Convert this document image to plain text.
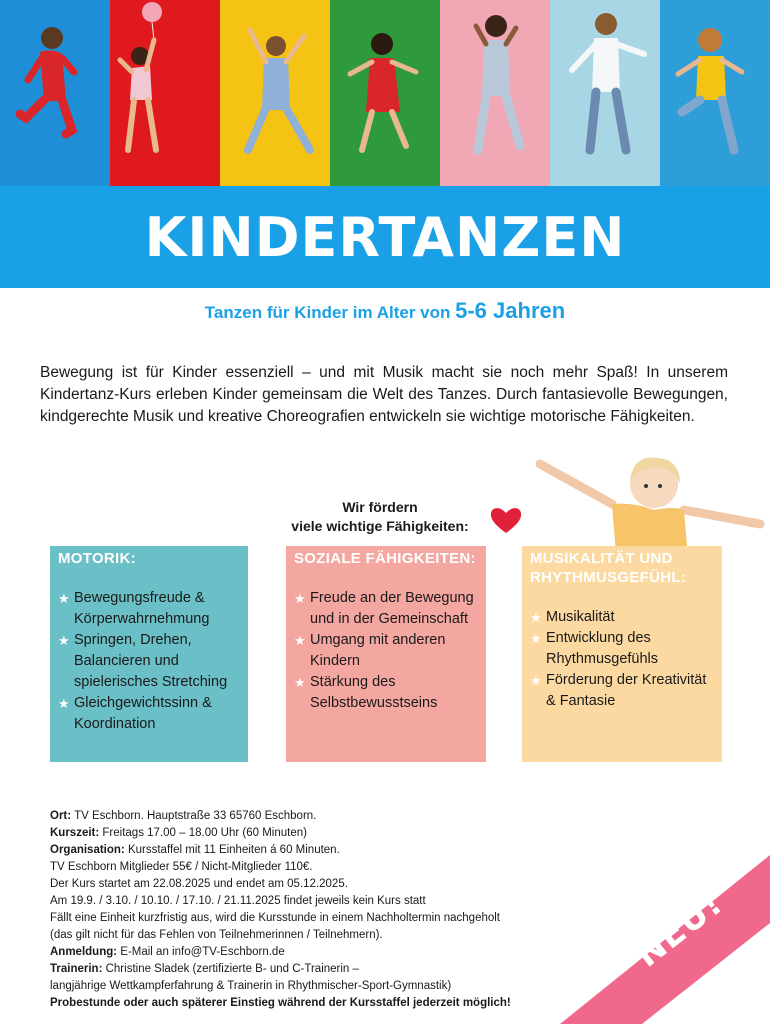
KINDERTANZEN
Tanzen für Kinder im Alter von 5-6 Jahren

Bewegung ist für Kinder essenziell – und mit Musik macht sie noch mehr Spaß! In unserem Kindertanz-Kurs erleben Kinder gemeinsam die Welt des Tanzes. Durch fantasievolle Bewegungen, kindgerechte Musik und kreative Choreografien entwickeln sie wichtige motorische Fähigkeiten.

Wir fördern
viele wichtige Fähigkeiten:
MOTORIK:
★ Bewegungsfreude & Körperwahrnehmung
★ Springen, Drehen, Balancieren und spielerisches Stretching
★ Gleichgewichtssinn & Koordination
SOZIALE FÄHIGKEITEN:
★ Freude an der Bewegung und in der Gemeinschaft
★ Umgang mit anderen Kindern
★ Stärkung des Selbstbewusstseins
MUSIKALITÄT UND RHYTHMUSGEFÜHL:
★ Musikalität
★ Entwicklung des Rhythmusgefühls
★ Förderung der Kreativität & Fantasie
Ort: TV Eschborn. Hauptstraße 33 65760 Eschborn.
Kurszeit: Freitags 17.00 – 18.00 Uhr (60 Minuten)
Organisation: Kursstaffel mit 11 Einheiten á 60 Minuten.
TV Eschborn Mitglieder 55€ / Nicht-Mitglieder 110€.
Der Kurs startet am 22.08.2025 und endet am 05.12.2025.
Am 19.9. / 3.10. / 10.10. / 17.10. / 21.11.2025 findet jeweils kein Kurs statt
Fällt eine Einheit kurzfristig aus, wird die Kursstunde in einem Nachholtermin nachgeholt
(das gilt nicht für das Fehlen von Teilnehmerinnen / Teilnehmern).
Anmeldung: E-Mail an info@TV-Eschborn.de
Trainerin: Christine Sladek (zertifizierte B- und C-Trainerin –
langjährige Wettkampferfahrung & Trainerin in Rhythmischer-Sport-Gymnastik)
Probestunde oder auch späterer Einstieg während der Kursstaffel jederzeit möglich!
NEU!
